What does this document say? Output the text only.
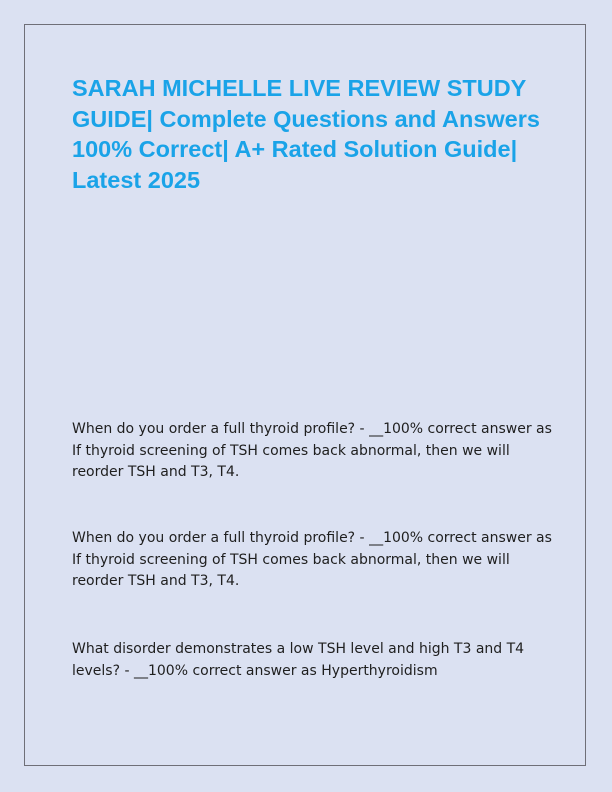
SARAH MICHELLE LIVE REVIEW STUDY GUIDE| Complete Questions and Answers 100% Correct| A+ Rated Solution Guide| Latest 2025

When do you order a full thyroid profile? - __100% correct answer as If thyroid screening of TSH comes back abnormal, then we will reorder TSH and T3, T4.

When do you order a full thyroid profile? - __100% correct answer as If thyroid screening of TSH comes back abnormal, then we will reorder TSH and T3, T4.

What disorder demonstrates a low TSH level and high T3 and T4 levels? - __100% correct answer as Hyperthyroidism
